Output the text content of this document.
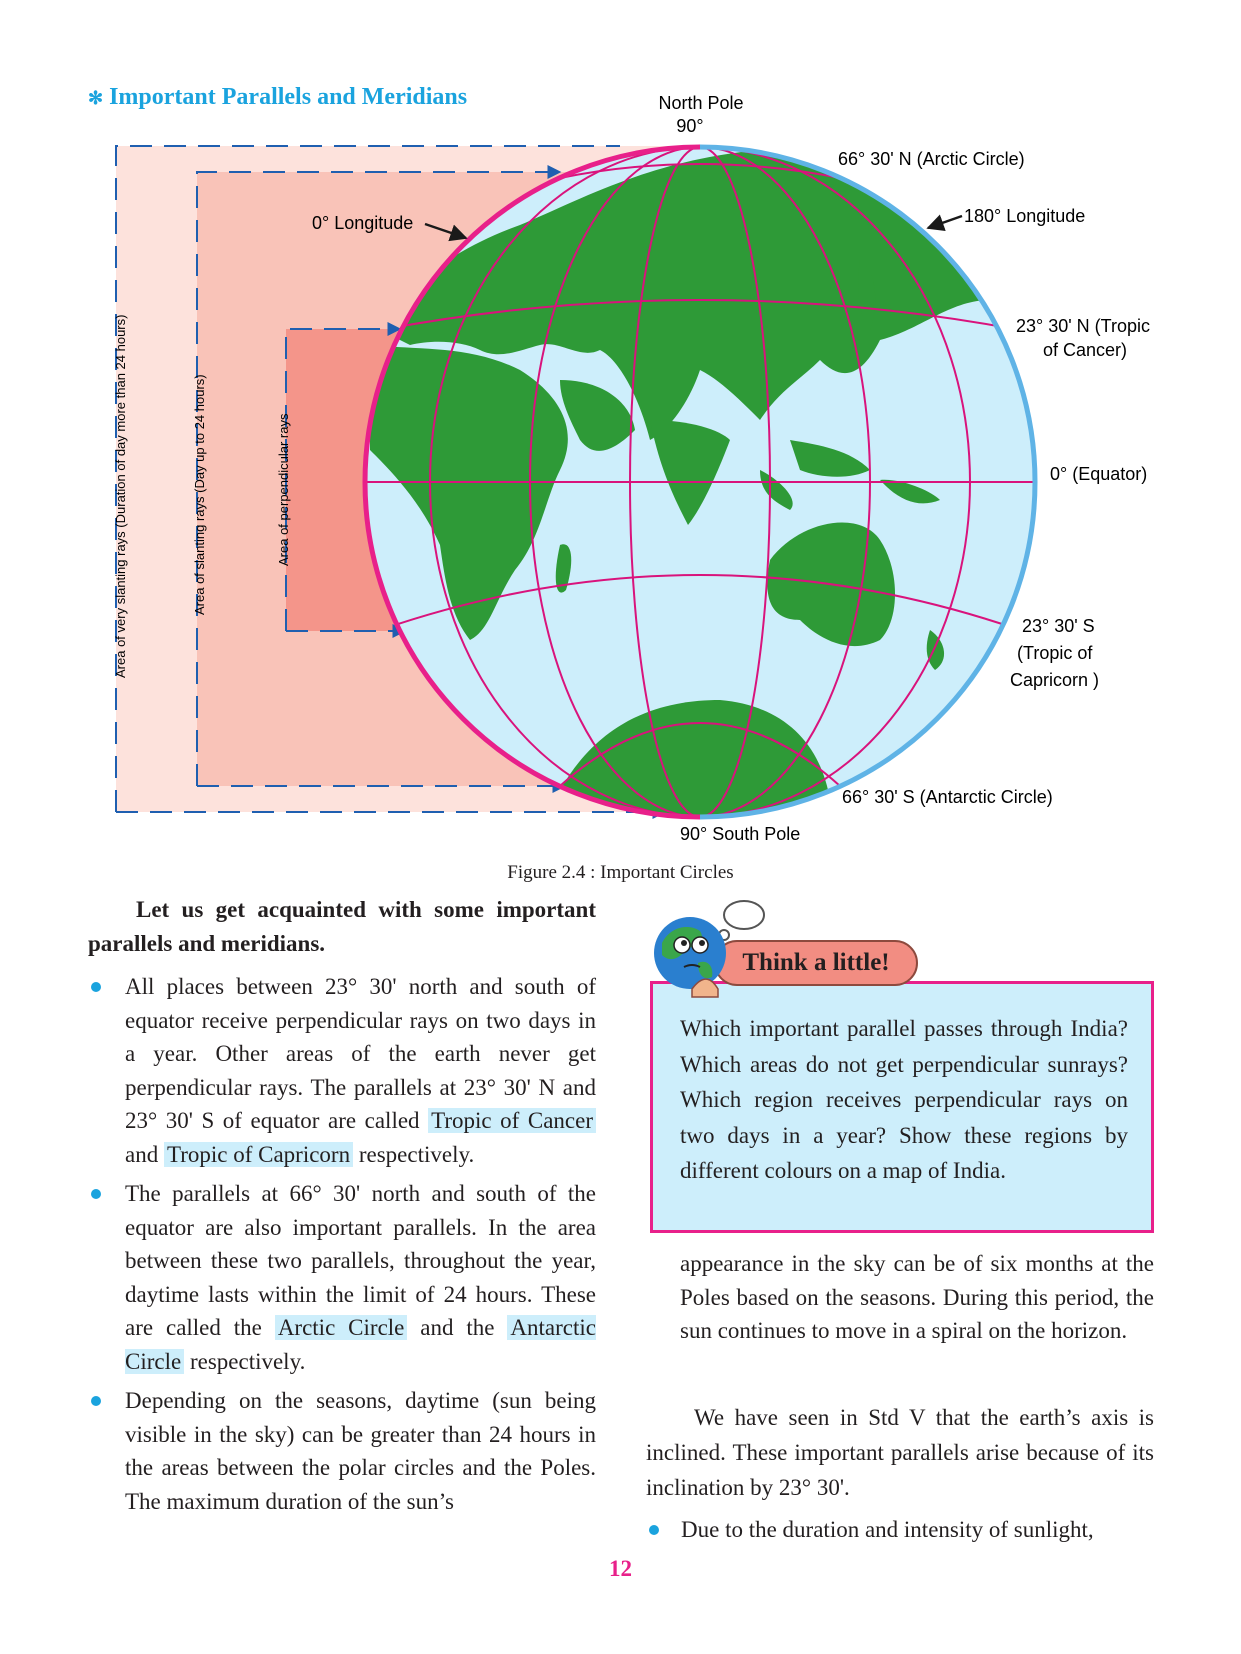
✻ Important Parallels and Meridians	North Pole
90°
66° 30' N (Arctic Circle)
180° Longitude
0° Longitude
23° 30' N (Tropic
of Cancer)
0° (Equator)
23° 30' S
(Tropic of
Capricorn )
66° 30' S (Antarctic Circle)
90° South Pole
Area of very slanting rays (Duration of day more than 24 hours)	Area of slanting rays (Day up to 24 hours)	Area of perpendicular rays
Figure 2.4 : Important Circles
Let us get acquainted with some important parallels and meridians.
All places between 23° 30' north and south of equator receive perpendicular rays on two days in a year. Other areas of the earth never get perpendicular rays. The parallels at 23° 30' N and 23° 30' S of equator are called Tropic of Cancer and Tropic of Capricorn respectively.
The parallels at 66° 30' north and south of the equator are also important parallels. In the area between these two parallels, throughout the year, daytime lasts within the limit of 24 hours. These are called the Arctic Circle and the Antarctic Circle respectively.
Depending on the seasons, daytime (sun being visible in the sky) can be greater than 24 hours in the areas between the polar circles and the Poles. The maximum duration of the sun’s
Which important parallel passes through India? Which areas do not get perpendicular sunrays? Which region receives perpendicular rays on two days in a year? Show these regions by different colours on a map of India.
Think a little!
appearance in the sky can be of six months at the Poles based on the seasons. During this period, the sun continues to move in a spiral on the horizon.
We have seen in Std V that the earth’s axis is inclined. These important parallels arise because of its inclination by 23° 30'.
Due to the duration and intensity of sunlight,
12
